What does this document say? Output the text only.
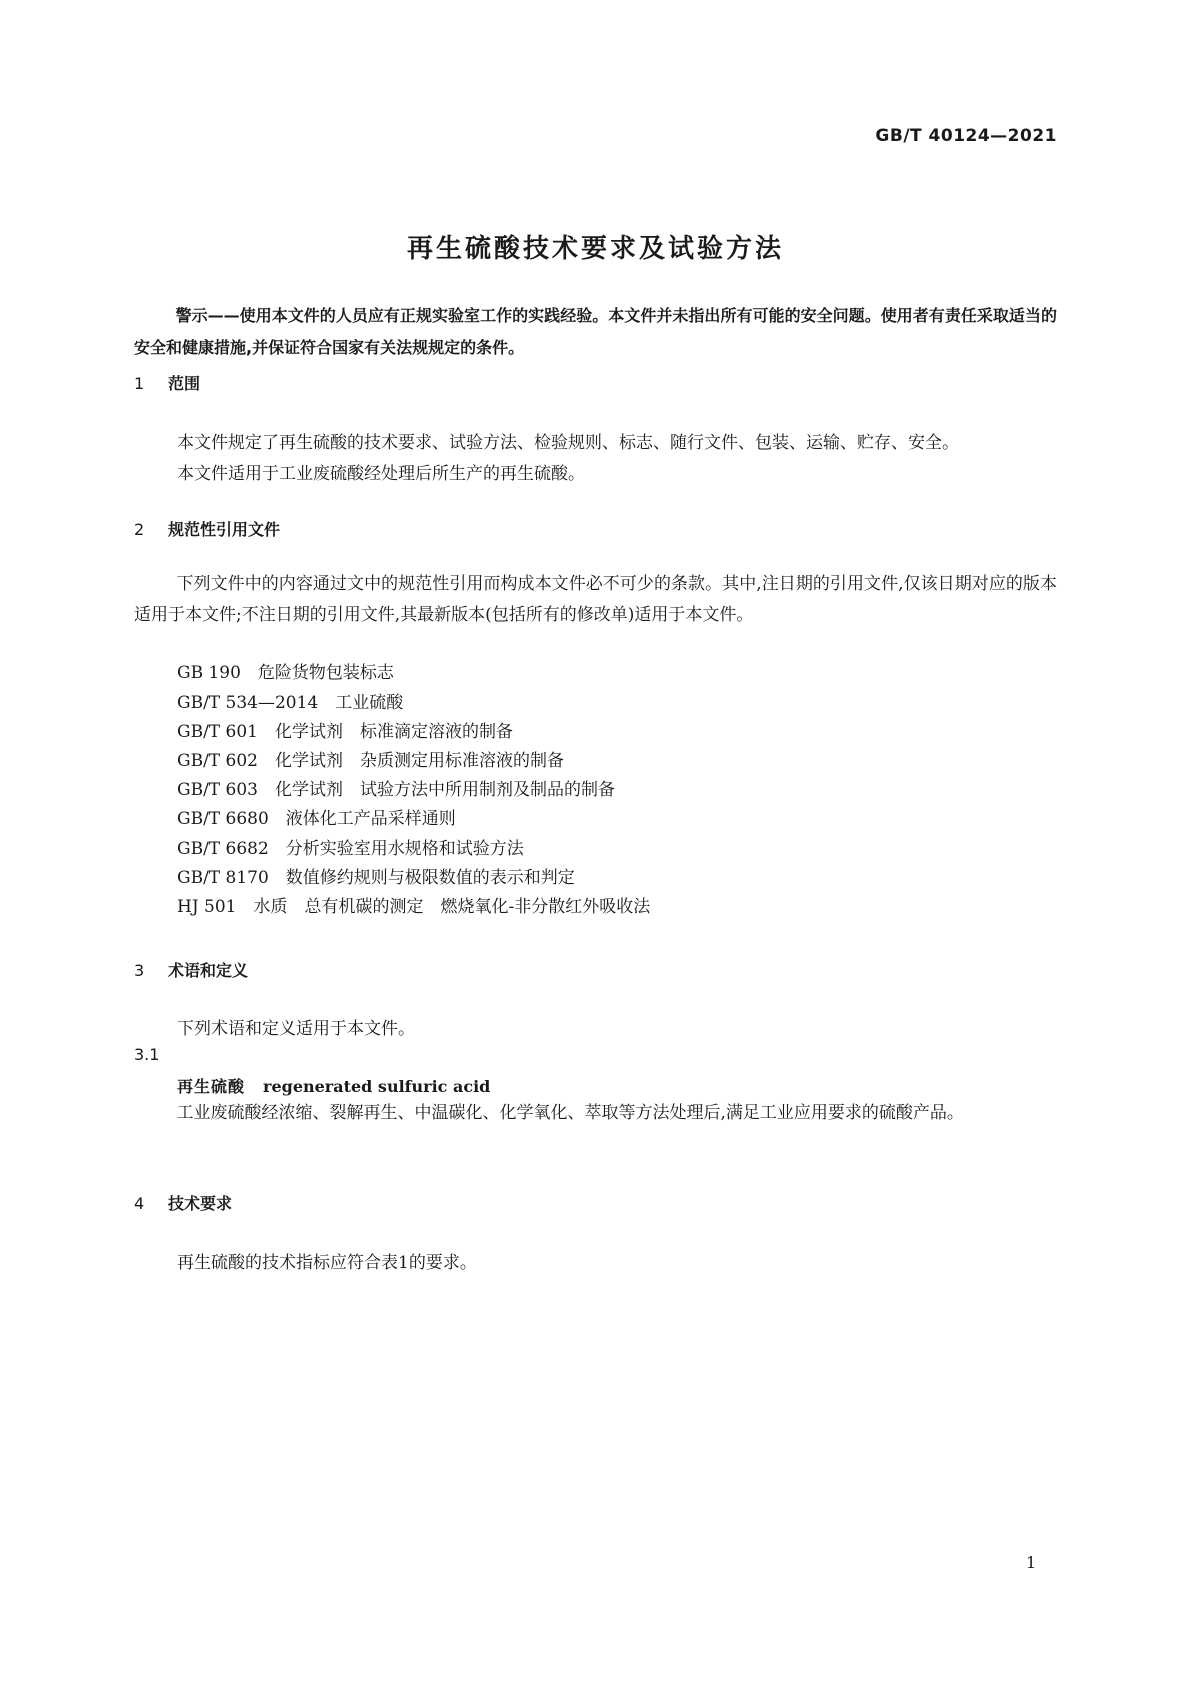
GB/T 40124—2021
再生硫酸技术要求及试验方法
警示——使用本文件的人员应有正规实验室工作的实践经验。本文件并未指出所有可能的安全问题。使用者有责任采取适当的安全和健康措施,并保证符合国家有关法规规定的条件。
1 范围
本文件规定了再生硫酸的技术要求、试验方法、检验规则、标志、随行文件、包装、运输、贮存、安全。
本文件适用于工业废硫酸经处理后所生产的再生硫酸。
2 规范性引用文件
下列文件中的内容通过文中的规范性引用而构成本文件必不可少的条款。其中,注日期的引用文件,仅该日期对应的版本适用于本文件;不注日期的引用文件,其最新版本(包括所有的修改单)适用于本文件。
GB 190　危险货物包装标志
GB/T 534—2014　工业硫酸
GB/T 601　化学试剂　标准滴定溶液的制备
GB/T 602　化学试剂　杂质测定用标准溶液的制备
GB/T 603　化学试剂　试验方法中所用制剂及制品的制备
GB/T 6680　液体化工产品采样通则
GB/T 6682　分析实验室用水规格和试验方法
GB/T 8170　数值修约规则与极限数值的表示和判定
HJ 501　水质　总有机碳的测定　燃烧氧化-非分散红外吸收法
3 术语和定义
下列术语和定义适用于本文件。
3.1
再生硫酸 regenerated sulfuric acid
工业废硫酸经浓缩、裂解再生、中温碳化、化学氧化、萃取等方法处理后,满足工业应用要求的硫酸产品。
4 技术要求
再生硫酸的技术指标应符合表1的要求。
1
